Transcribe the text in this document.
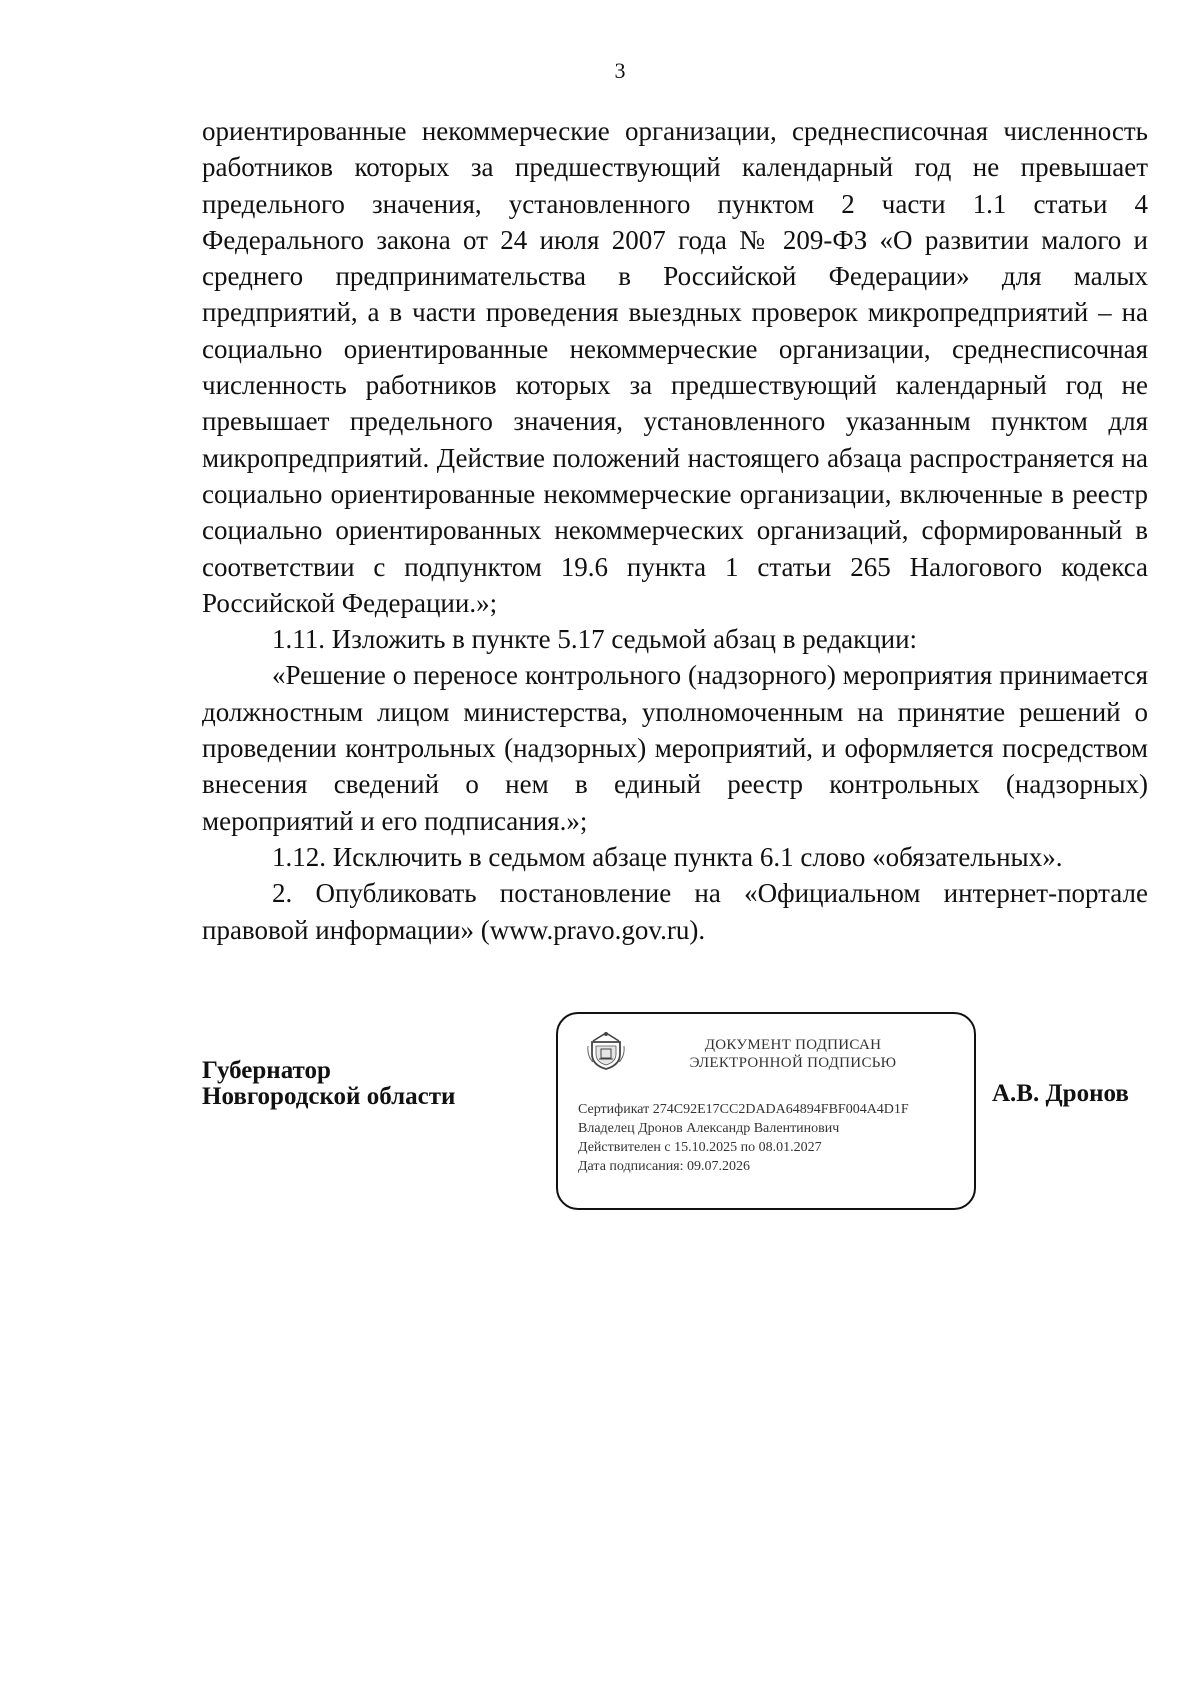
3

ориентированные некоммерческие организации, среднесписочная численность работников которых за предшествующий календарный год не превышает предельного значения, установленного пунктом 2 части 1.1 статьи 4 Федерального закона от 24 июля 2007 года № 209-ФЗ «О развитии малого и среднего предпринимательства в Российской Федерации» для малых предприятий, а в части проведения выездных проверок микропредприятий – на социально ориентированные некоммерческие организации, среднесписочная численность работников которых за предшествующий календарный год не превышает предельного значения, установленного указанным пунктом для микропредприятий. Действие положений настоящего абзаца распространяется на социально ориентированные некоммерческие организации, включенные в реестр социально ориентированных некоммерческих организаций, сформированный в соответствии с подпунктом 19.6 пункта 1 статьи 265 Налогового кодекса Российской Федерации.»;

1.11. Изложить в пункте 5.17 седьмой абзац в редакции:

«Решение о переносе контрольного (надзорного) мероприятия принимается должностным лицом министерства, уполномоченным на принятие решений о проведении контрольных (надзорных) мероприятий, и оформляется посредством внесения сведений о нем в единый реестр контрольных (надзорных) мероприятий и его подписания.»;

1.12. Исключить в седьмом абзаце пункта 6.1 слово «обязательных».

2. Опубликовать постановление на «Официальном интернет-портале правовой информации» (www.pravo.gov.ru).

Губернатор
Новгородской области
ДОКУМЕНТ ПОДПИСАН
ЭЛЕКТРОННОЙ ПОДПИСЬЮ
Сертификат 274C92E17CC2DADA64894FBF004A4D1F
Владелец Дронов Александр Валентинович
Действителен с 15.10.2025 по 08.01.2027
Дата подписания: 09.07.2026
А.В. Дронов
